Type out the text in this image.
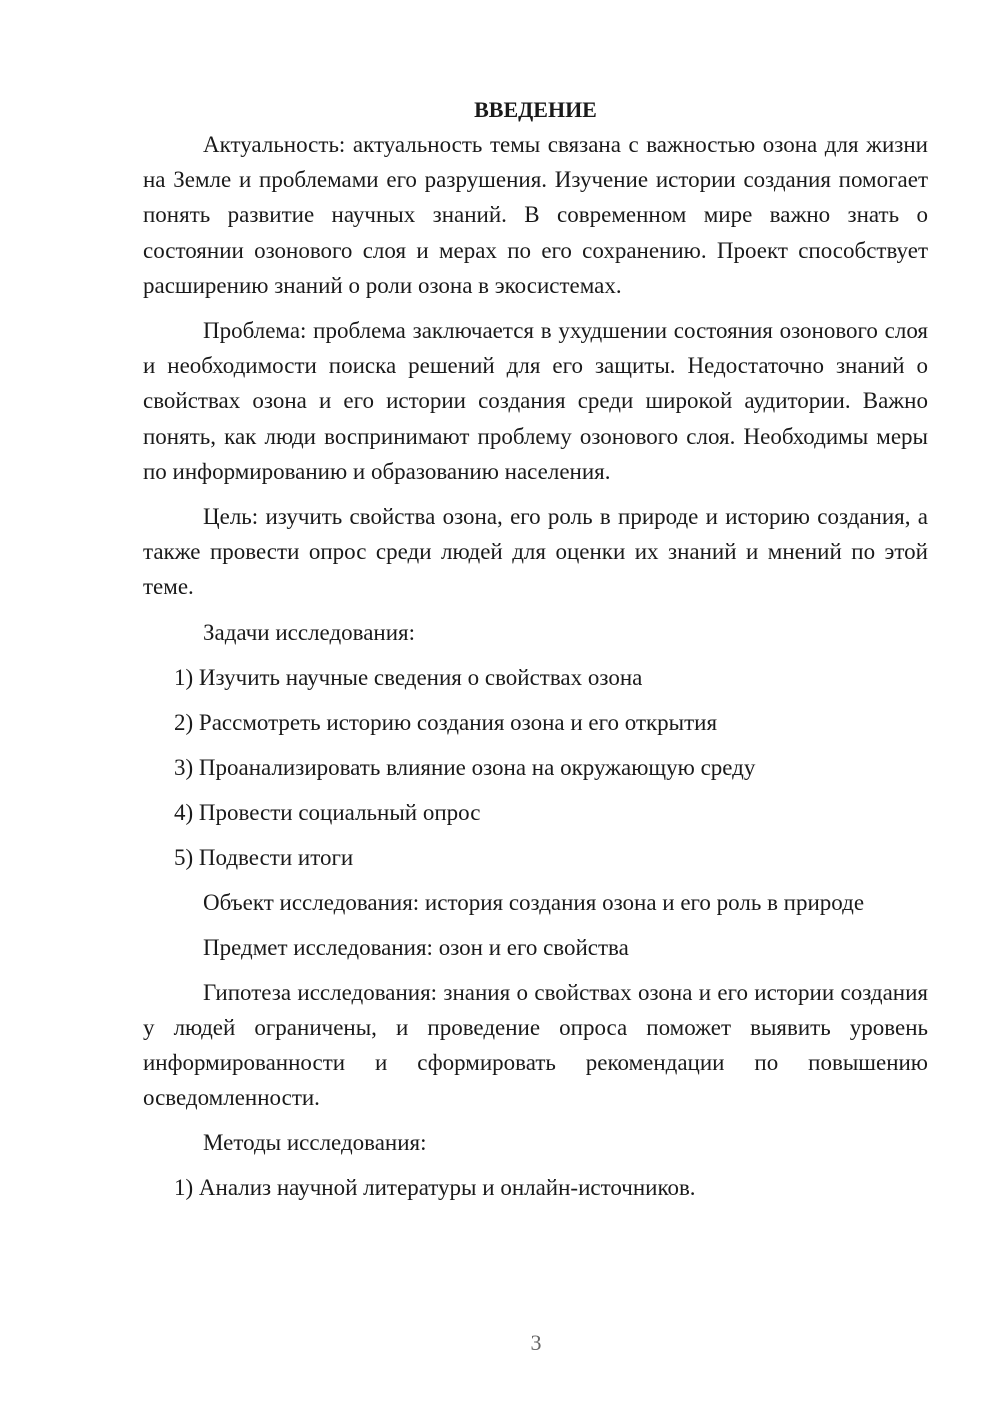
ВВЕДЕНИЕ

Актуальность: актуальность темы связана с важностью озона для жизни на Земле и проблемами его разрушения. Изучение истории создания помогает понять развитие научных знаний. В современном мире важно знать о состоянии озонового слоя и мерах по его сохранению. Проект способствует расширению знаний о роли озона в экосистемах.

Проблема: проблема заключается в ухудшении состояния озонового слоя и необходимости поиска решений для его защиты. Недостаточно знаний о свойствах озона и его истории создания среди широкой аудитории. Важно понять, как люди воспринимают проблему озонового слоя. Необходимы меры по информированию и образованию населения.

Цель: изучить свойства озона, его роль в природе и историю создания, а также провести опрос среди людей для оценки их знаний и мнений по этой теме.

Задачи исследования:

1) Изучить научные сведения о свойствах озона

2) Рассмотреть историю создания озона и его открытия

3) Проанализировать влияние озона на окружающую среду

4) Провести социальный опрос

5) Подвести итоги

Объект исследования: история создания озона и его роль в природе

Предмет исследования: озон и его свойства

Гипотеза исследования: знания о свойствах озона и его истории создания у людей ограничены, и проведение опроса поможет выявить уровень информированности и сформировать рекомендации по повышению осведомленности.

Методы исследования:

1) Анализ научной литературы и онлайн-источников.

3
